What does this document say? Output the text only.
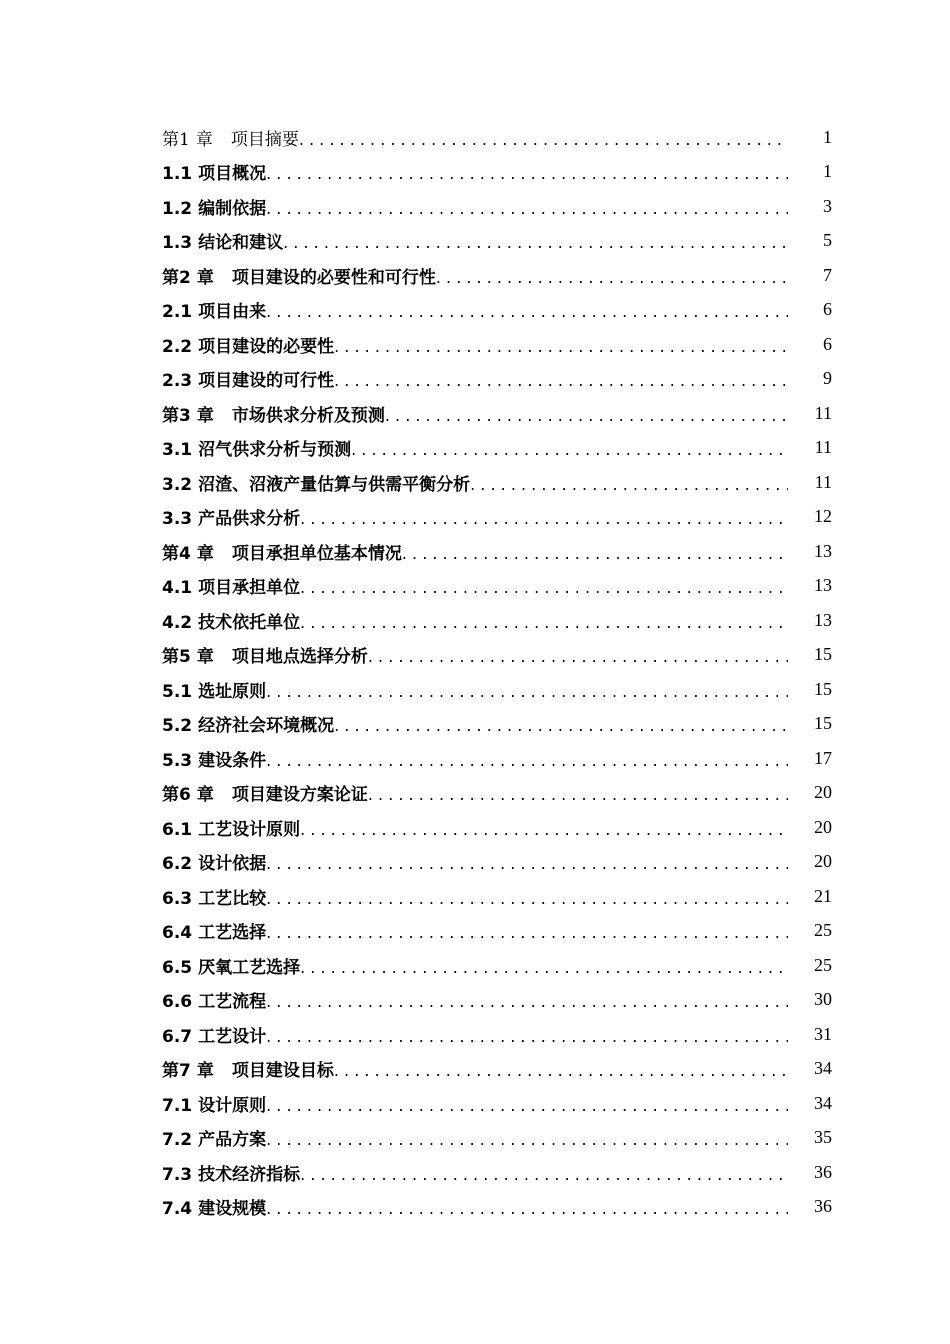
第1 章 项目摘要 . . .	1
1.1 项目概况 . . .	1
1.2 编制依据 . . .	3
1.3 结论和建议 . . .	5
第2 章 项目建设的必要性和可行性 . . .	7
2.1 项目由来 . . .	6
2.2 项目建设的必要性 . . .	6
2.3 项目建设的可行性 . . .	9
第3 章 市场供求分析及预测 . . .	11
3.1 沼气供求分析与预测 . . .	11
3.2 沼渣、沼液产量估算与供需平衡分析 . . .	11
3.3 产品供求分析 . . .	12
第4 章 项目承担单位基本情况 . . .	13
4.1 项目承担单位 . . .	13
4.2 技术依托单位 . . .	13
第5 章 项目地点选择分析 . . .	15
5.1 选址原则 . . .	15
5.2 经济社会环境概况 . . .	15
5.3 建设条件 . . .	17
第6 章 项目建设方案论证 . . .	20
6.1 工艺设计原则 . . .	20
6.2 设计依据 . . .	20
6.3 工艺比较 . . .	21
6.4 工艺选择 . . .	25
6.5 厌氧工艺选择 . . .	25
6.6 工艺流程 . . .	30
6.7 工艺设计 . . .	31
第7 章 项目建设目标 . . .	34
7.1 设计原则 . . .	34
7.2 产品方案 . . .	35
7.3 技术经济指标 . . .	36
7.4 建设规模 . . .	36
